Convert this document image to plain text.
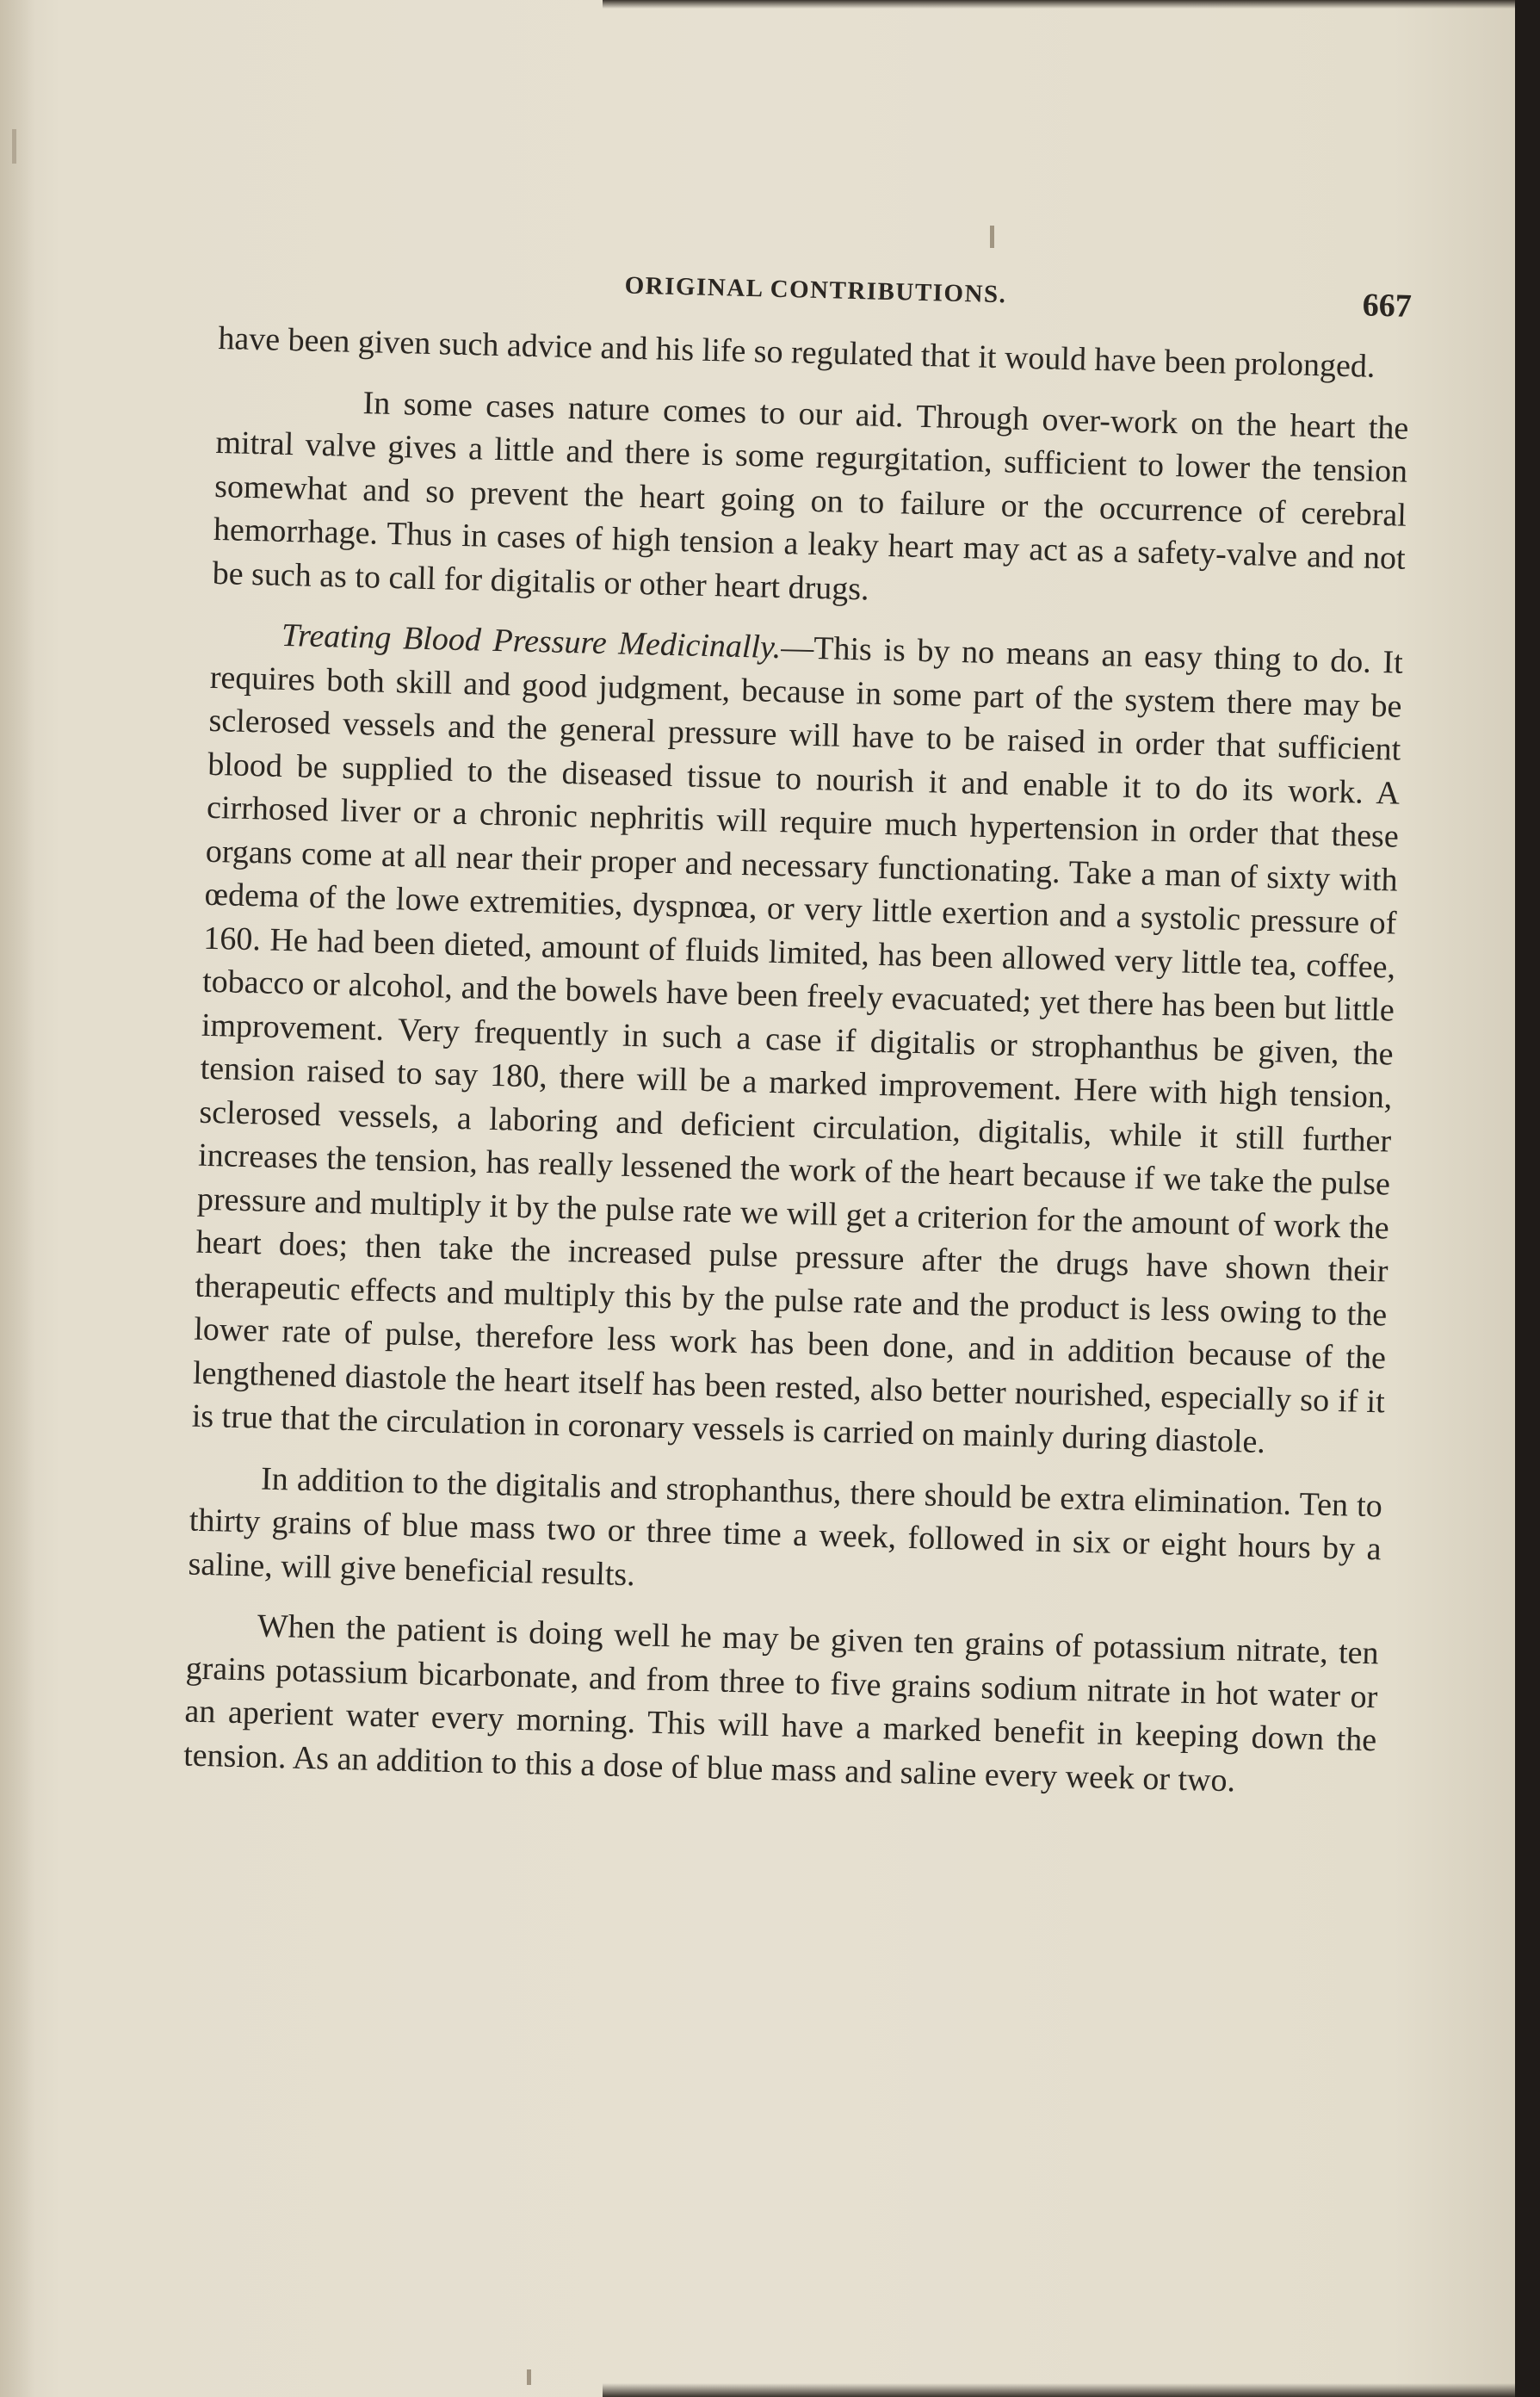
ORIGINAL CONTRIBUTIONS.	667

have been given such advice and his life so regulated that it would have been prolonged.

In some cases nature comes to our aid. Through over-work on the heart the mitral valve gives a little and there is some regurgitation, sufficient to lower the tension somewhat and so prevent the heart going on to failure or the occurrence of cerebral hemorrhage. Thus in cases of high tension a leaky heart may act as a safety-valve and not be such as to call for digitalis or other heart drugs.

Treating Blood Pressure Medicinally.—This is by no means an easy thing to do. It requires both skill and good judgment, because in some part of the system there may be sclerosed vessels and the general pressure will have to be raised in order that sufficient blood be supplied to the diseased tissue to nourish it and enable it to do its work. A cirrhosed liver or a chronic nephritis will require much hypertension in order that these organs come at all near their proper and necessary functionating. Take a man of sixty with œdema of the lowe extremities, dyspnœa, or very little exertion and a systolic pressure of 160. He had been dieted, amount of fluids limited, has been allowed very little tea, coffee, tobacco or alcohol, and the bowels have been freely evacuated; yet there has been but little improvement. Very frequently in such a case if digitalis or strophanthus be given, the tension raised to say 180, there will be a marked improvement. Here with high tension, sclerosed vessels, a laboring and deficient circulation, digitalis, while it still further increases the tension, has really lessened the work of the heart because if we take the pulse pressure and multiply it by the pulse rate we will get a criterion for the amount of work the heart does; then take the increased pulse pressure after the drugs have shown their therapeutic effects and multiply this by the pulse rate and the product is less owing to the lower rate of pulse, therefore less work has been done, and in addition because of the lengthened diastole the heart itself has been rested, also better nourished, especially so if it is true that the circulation in coronary vessels is carried on mainly during diastole.

In addition to the digitalis and strophanthus, there should be extra elimination. Ten to thirty grains of blue mass two or three time a week, followed in six or eight hours by a saline, will give beneficial results.

When the patient is doing well he may be given ten grains of potassium nitrate, ten grains potassium bicarbonate, and from three to five grains sodium nitrate in hot water or an aperient water every morning. This will have a marked benefit in keeping down the tension. As an addition to this a dose of blue mass and saline every week or two.
